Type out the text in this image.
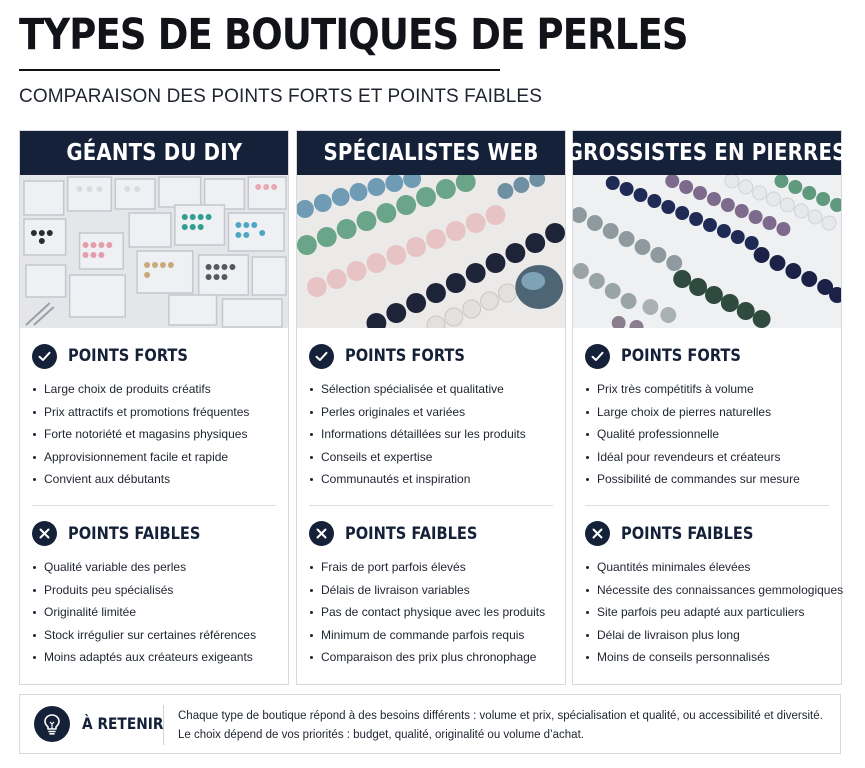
TYPES DE BOUTIQUES DE PERLES
COMPARAISON DES POINTS FORTS ET POINTS FAIBLES
GÉANTS DU DIY
POINTS FORTS
Large choix de produits créatifs
Prix attractifs et promotions fréquentes
Forte notoriété et magasins physiques
Approvisionnement facile et rapide
Convient aux débutants
POINTS FAIBLES
Qualité variable des perles
Produits peu spécialisés
Originalité limitée
Stock irrégulier sur certaines références
Moins adaptés aux créateurs exigeants
SPÉCIALISTES WEB
POINTS FORTS
Sélection spécialisée et qualitative
Perles originales et variées
Informations détaillées sur les produits
Conseils et expertise
Communautés et inspiration
POINTS FAIBLES
Frais de port parfois élevés
Délais de livraison variables
Pas de contact physique avec les produits
Minimum de commande parfois requis
Comparaison des prix plus chronophage
GROSSISTES EN PIERRES
POINTS FORTS
Prix très compétitifs à volume
Large choix de pierres naturelles
Qualité professionnelle
Idéal pour revendeurs et créateurs
Possibilité de commandes sur mesure
POINTS FAIBLES
Quantités minimales élevées
Nécessite des connaissances gemmologiques
Site parfois peu adapté aux particuliers
Délai de livraison plus long
Moins de conseils personnalisés
À RETENIR Chaque type de boutique répond à des besoins différents : volume et prix, spécialisation et qualité, ou accessibilité et diversité.
Le choix dépend de vos priorités : budget, qualité, originalité ou volume d’achat.
